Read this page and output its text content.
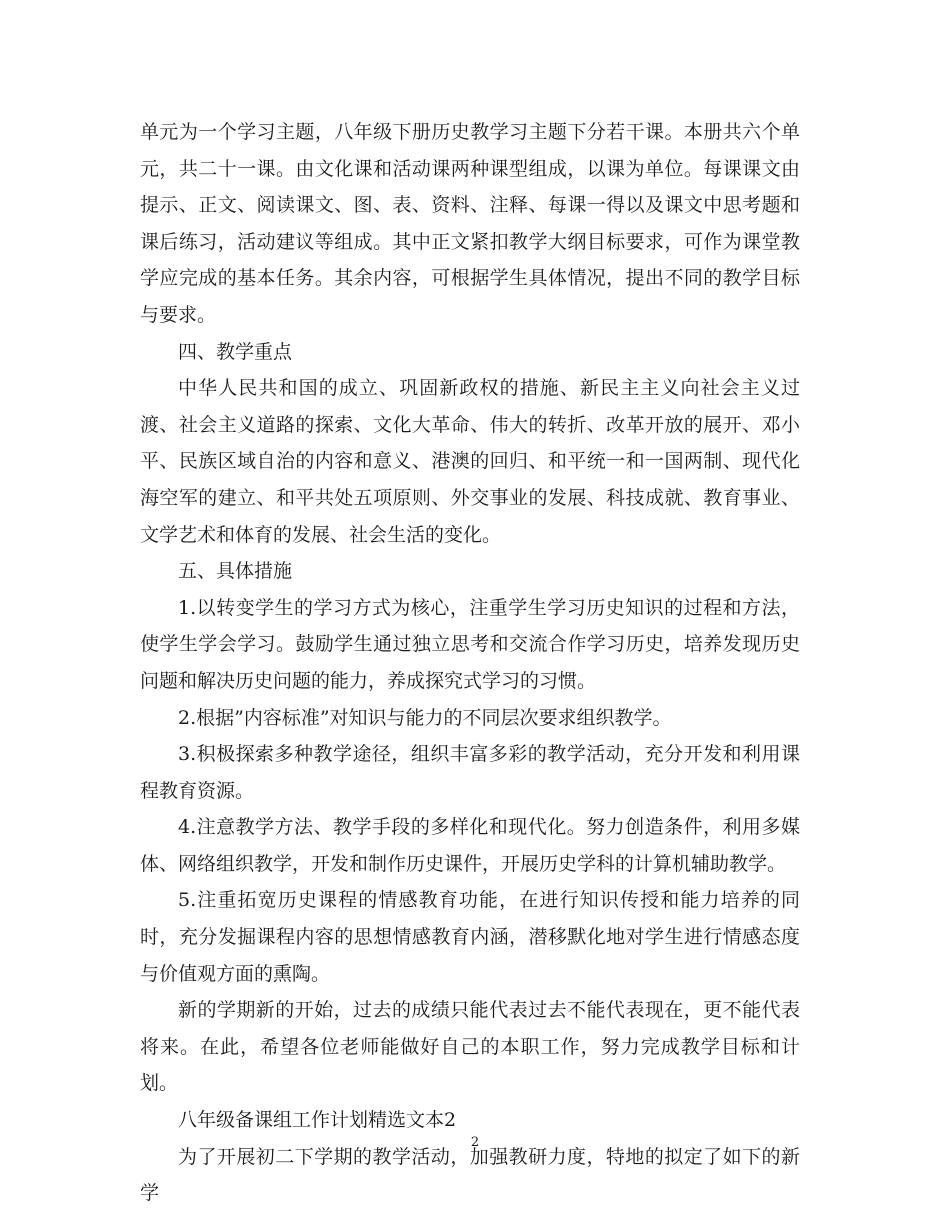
单元为一个学习主题，八年级下册历史教学习主题下分若干课。本册共六个单元，共二十一课。由文化课和活动课两种课型组成，以课为单位。每课课文由提示、正文、阅读课文、图、表、资料、注释、每课一得以及课文中思考题和课后练习，活动建议等组成。其中正文紧扣教学大纲目标要求，可作为课堂教学应完成的基本任务。其余内容，可根据学生具体情况，提出不同的教学目标与要求。

四、教学重点

中华人民共和国的成立、巩固新政权的措施、新民主主义向社会主义过渡、社会主义道路的探索、文化大革命、伟大的转折、改革开放的展开、邓小平、民族区域自治的内容和意义、港澳的回归、和平统一和一国两制、现代化海空军的建立、和平共处五项原则、外交事业的发展、科技成就、教育事业、文学艺术和体育的发展、社会生活的变化。

五、具体措施

1.以转变学生的学习方式为核心，注重学生学习历史知识的过程和方法，使学生学会学习。鼓励学生通过独立思考和交流合作学习历史，培养发现历史问题和解决历史问题的能力，养成探究式学习的习惯。

2.根据”内容标准”对知识与能力的不同层次要求组织教学。

3.积极探索多种教学途径，组织丰富多彩的教学活动，充分开发和利用课程教育资源。

4.注意教学方法、教学手段的多样化和现代化。努力创造条件，利用多媒体、网络组织教学，开发和制作历史课件，开展历史学科的计算机辅助教学。

5.注重拓宽历史课程的情感教育功能，在进行知识传授和能力培养的同时，充分发掘课程内容的思想情感教育内涵，潜移默化地对学生进行情感态度与价值观方面的熏陶。

新的学期新的开始，过去的成绩只能代表过去不能代表现在，更不能代表将来。在此，希望各位老师能做好自己的本职工作，努力完成教学目标和计划。

八年级备课组工作计划精选文本2

为了开展初二下学期的教学活动，加强教研力度，特地的拟定了如下的新学

2
